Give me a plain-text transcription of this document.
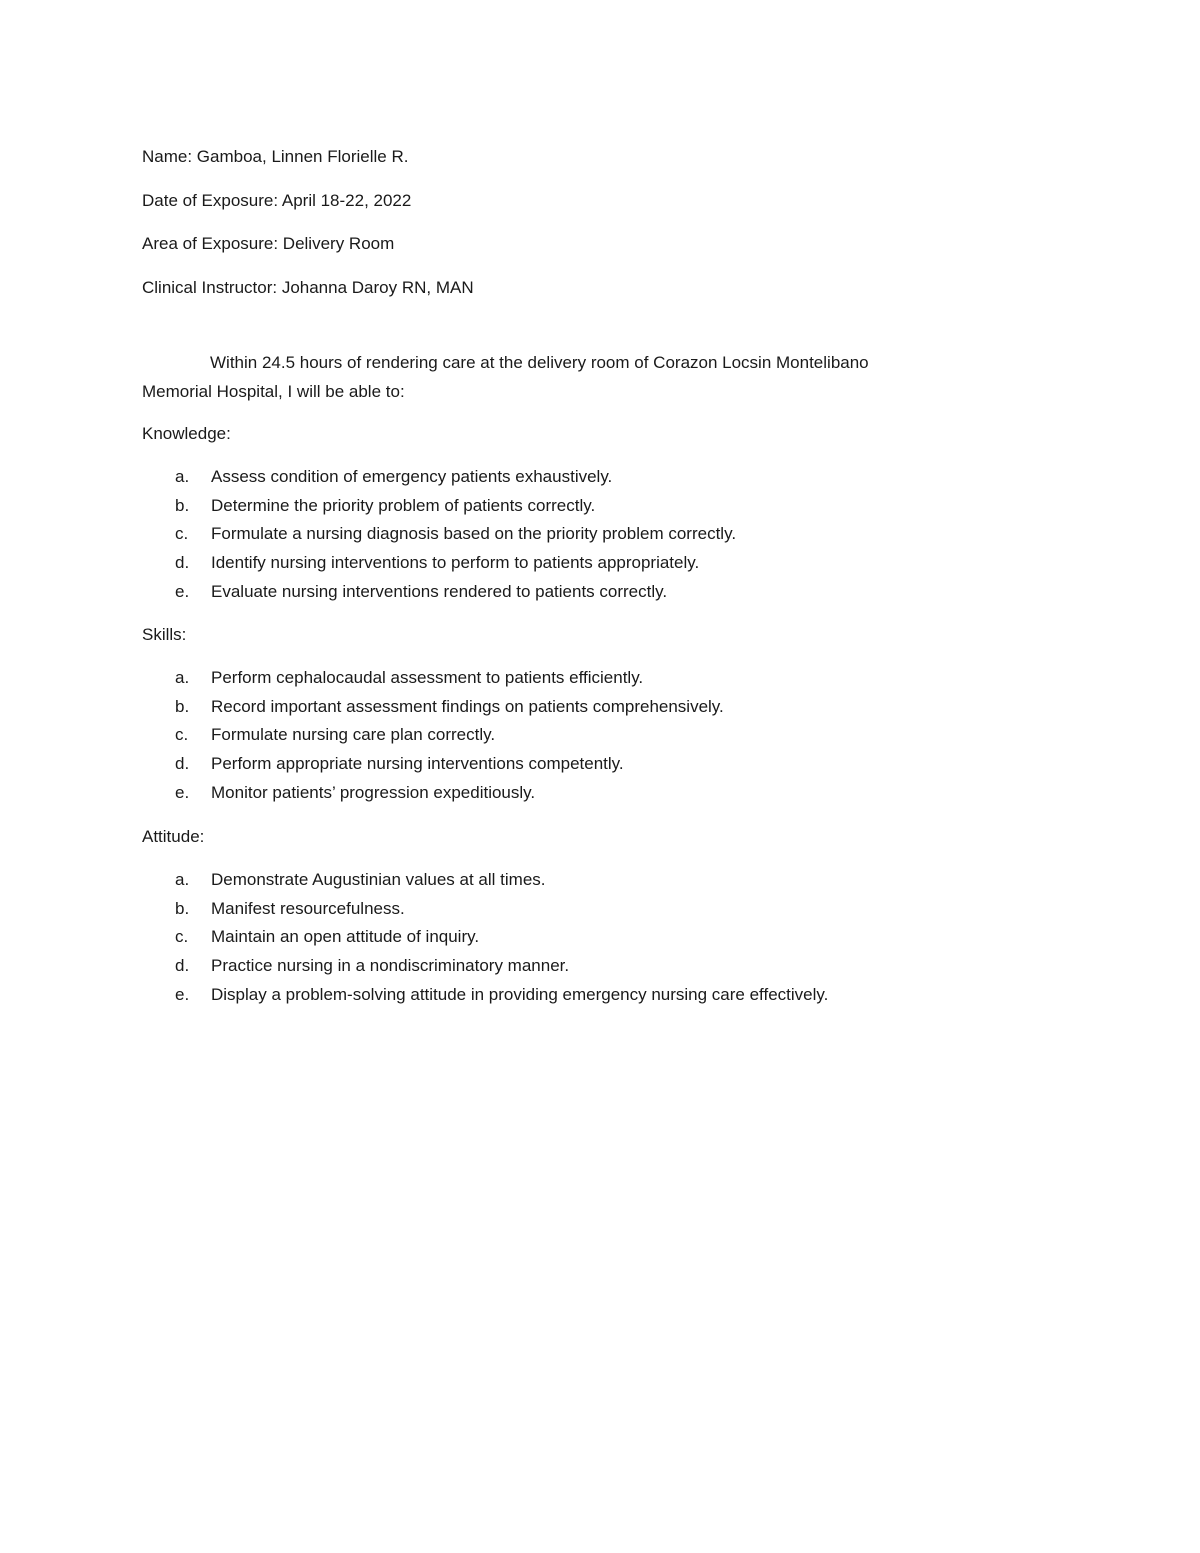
Name: Gamboa, Linnen Florielle R.
Date of Exposure: April 18-22, 2022
Area of Exposure: Delivery Room
Clinical Instructor: Johanna Daroy RN, MAN
Within 24.5 hours of rendering care at the delivery room of Corazon Locsin Montelibano
Memorial Hospital, I will be able to:
Knowledge:
a. Assess condition of emergency patients exhaustively.
b. Determine the priority problem of patients correctly.
c. Formulate a nursing diagnosis based on the priority problem correctly.
d. Identify nursing interventions to perform to patients appropriately.
e. Evaluate nursing interventions rendered to patients correctly.
Skills:
a. Perform cephalocaudal assessment to patients efficiently.
b. Record important assessment findings on patients comprehensively.
c. Formulate nursing care plan correctly.
d. Perform appropriate nursing interventions competently.
e. Monitor patients’ progression expeditiously.
Attitude:
a. Demonstrate Augustinian values at all times.
b. Manifest resourcefulness.
c. Maintain an open attitude of inquiry.
d. Practice nursing in a nondiscriminatory manner.
e. Display a problem-solving attitude in providing emergency nursing care effectively.
